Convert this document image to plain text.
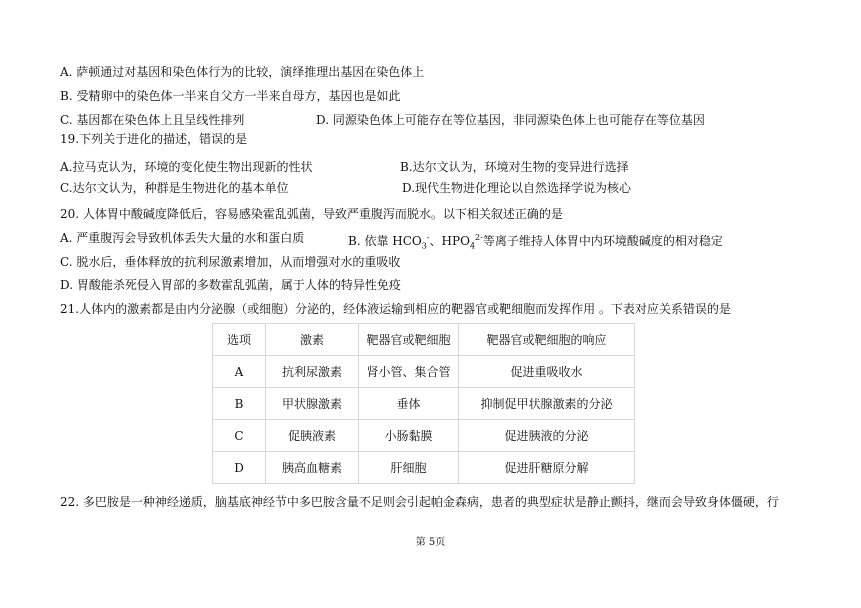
A. 萨顿通过对基因和染色体行为的比较，演绎推理出基因在染色体上
B. 受精卵中的染色体一半来自父方一半来自母方，基因也是如此
C. 基因都在染色体上且呈线性排列	D. 同源染色体上可能存在等位基因，非同源染色体上也可能存在等位基因
19.下列关于进化的描述，错误的是
A.拉马克认为，环境的变化使生物出现新的性状	B.达尔文认为，环境对生物的变异进行选择
C.达尔文认为，种群是生物进化的基本单位	D.现代生物进化理论以自然选择学说为核心
20. 人体胃中酸碱度降低后，容易感染霍乱弧菌，导致严重腹泻而脱水。以下相关叙述正确的是
A. 严重腹泻会导致机体丢失大量的水和蛋白质	B. 依靠 $HCO_3^-$、$HPO_4^{2-}$等离子维持人体胃中内环境酸碱度的相对稳定
C. 脱水后，垂体释放的抗利尿激素增加，从而增强对水的重吸收
D. 胃酸能杀死侵入胃部的多数霍乱弧菌，属于人体的特异性免疫
21.人体内的激素都是由内分泌腺（或细胞）分泌的，经体液运输到相应的靶器官或靶细胞而发挥作用 。下表对应关系错误的是
选项	激素	靶器官或靶细胞	靶器官或靶细胞的响应
A	抗利尿激素	肾小管、集合管	促进重吸收水
B	甲状腺激素	垂体	抑制促甲状腺激素的分泌
C	促胰液素	小肠黏膜	促进胰液的分泌
D	胰高血糖素	肝细胞	促进肝糖原分解
22. 多巴胺是一种神经递质，脑基底神经节中多巴胺含量不足则会引起帕金森病，患者的典型症状是静止颤抖，继而会导致身体僵硬，行
第 5页
